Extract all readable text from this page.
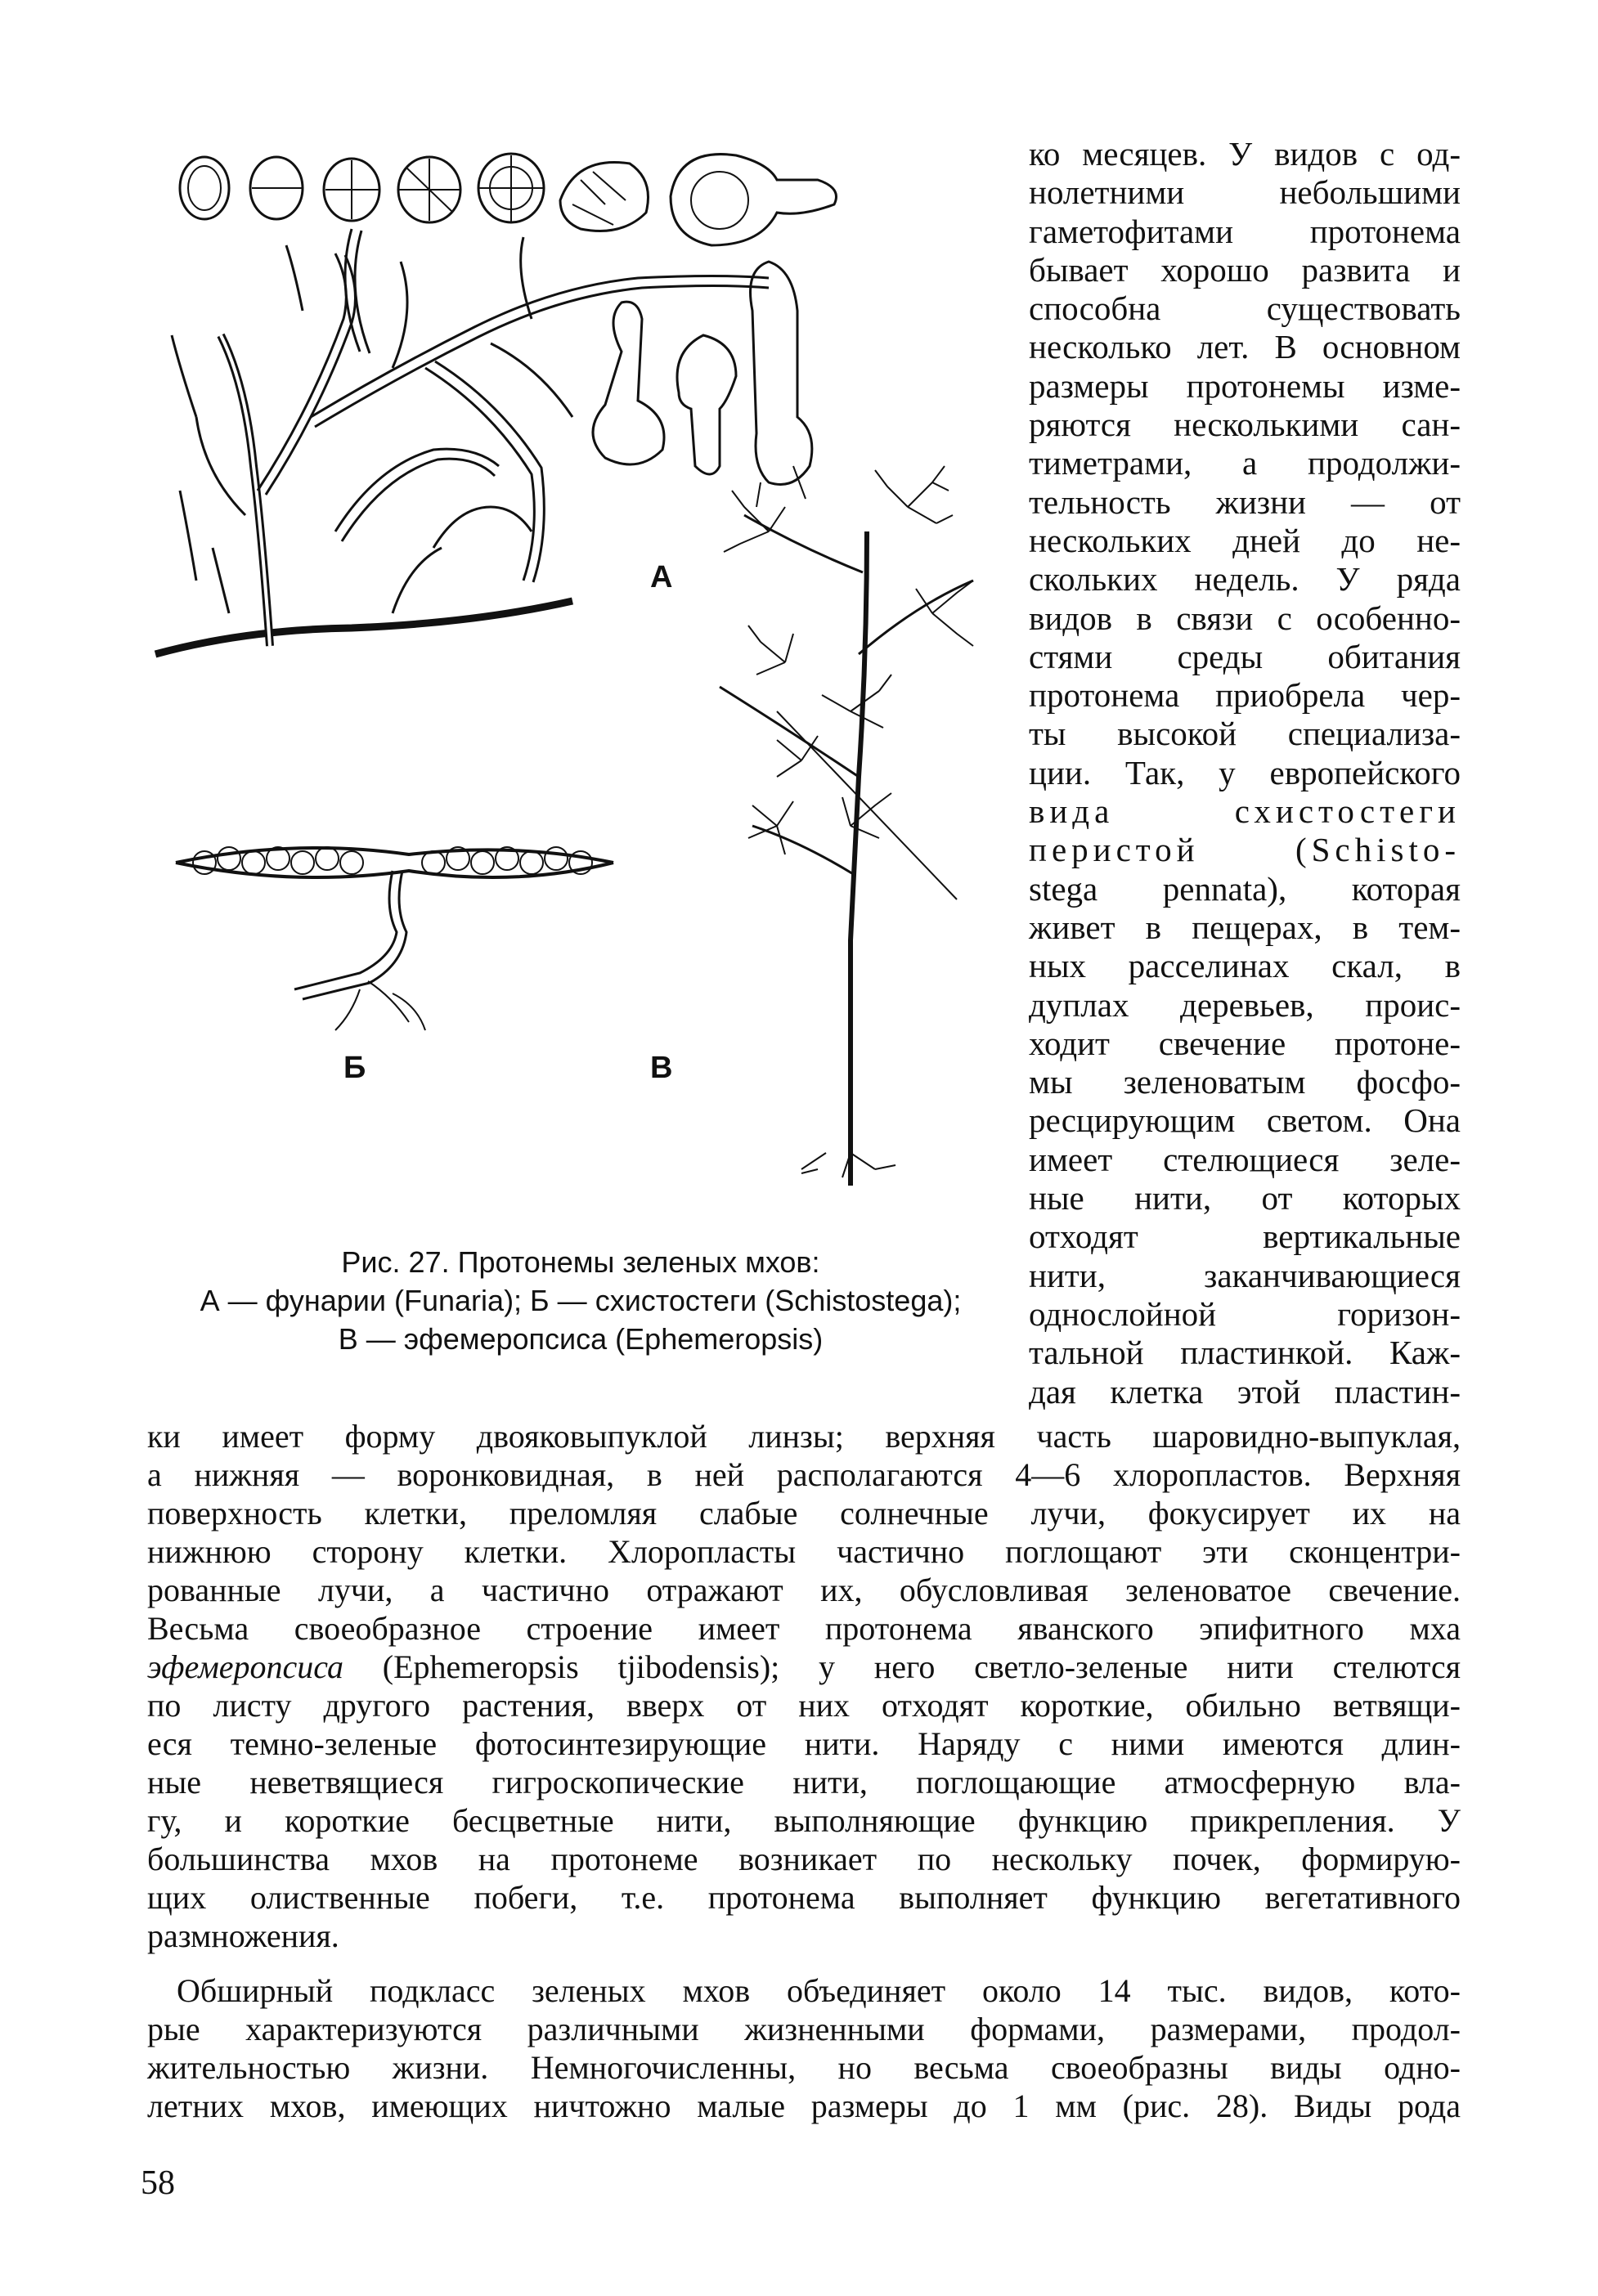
А
Б	В
Рис. 27. Протонемы зеленых мхов:
А — фунарии (Funaria); Б — схистостеги (Schistostega);
В — эфемеропсиса (Ephemeropsis)
ко месяцев. У видов с од-
нолетними небольшими
гаметофитами протонема
бывает хорошо развита и
способна существовать
несколько лет. В основном
размеры протонемы изме-
ряются несколькими сан-
тиметрами, а продолжи-
тельность жизни — от
нескольких дней до не-
скольких недель. У ряда
видов в связи с особенно-
стями среды обитания
протонема приобрела чер-
ты высокой специализа-
ции. Так, у европейского
вида схистостеги
перистой (Schisto-
stega pennata), которая
живет в пещерах, в тем-
ных расселинах скал, в
дуплах деревьев, проис-
ходит свечение протоне-
мы зеленоватым фосфо-
ресцирующим светом. Она
имеет стелющиеся зеле-
ные нити, от которых
отходят вертикальные
нити, заканчивающиеся
однослойной горизон-
тальной пластинкой. Каж-
дая клетка этой пластин-
ки имеет форму двояковыпуклой линзы; верхняя часть шаровидно-выпуклая,
а нижняя — воронковидная, в ней располагаются 4—6 хлоропластов. Верхняя
поверхность клетки, преломляя слабые солнечные лучи, фокусирует их на
нижнюю сторону клетки. Хлоропласты частично поглощают эти сконцентри-
рованные лучи, а частично отражают их, обусловливая зеленоватое свечение.
Весьма своеобразное строение имеет протонема яванского эпифитного мха
эфемеропсиса (Ephemeropsis tjibodensis); у него светло-зеленые нити стелются
по листу другого растения, вверх от них отходят короткие, обильно ветвящи-
еся темно-зеленые фотосинтезирующие нити. Наряду с ними имеются длин-
ные неветвящиеся гигроскопические нити, поглощающие атмосферную вла-
гу, и короткие бесцветные нити, выполняющие функцию прикрепления. У
большинства мхов на протонеме возникает по нескольку почек, формирую-
щих олиственные побеги, т.е. протонема выполняет функцию вегетативного
размножения.
Обширный подкласс зеленых мхов объединяет около 14 тыс. видов, кото-
рые характеризуются различными жизненными формами, размерами, продол-
жительностью жизни. Немногочисленны, но весьма своеобразны виды одно-
летних мхов, имеющих ничтожно малые размеры до 1 мм (рис. 28). Виды рода
58
